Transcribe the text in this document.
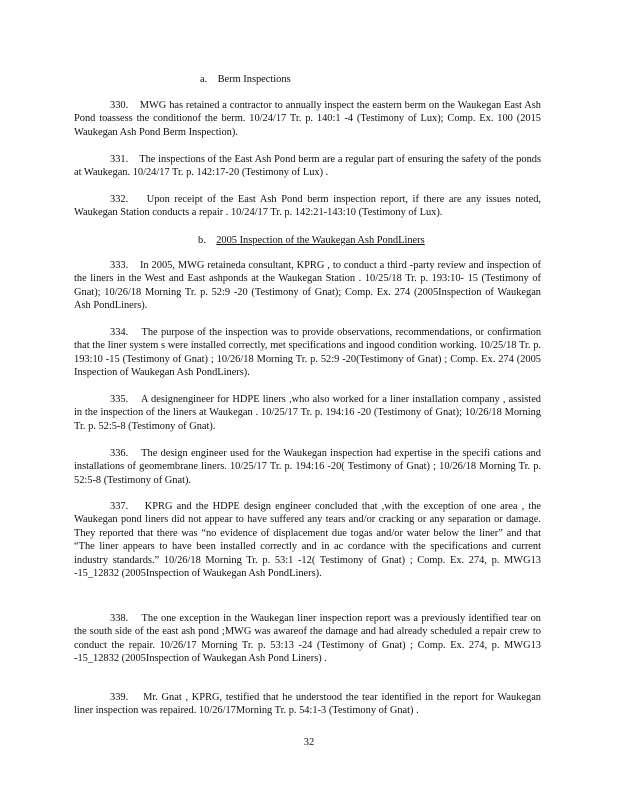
a. Berm Inspections

330. MWG has retained a contractor to annually inspect the eastern berm on the Waukegan East Ash Pond toassess the conditionof the berm. 10/24/17 Tr. p. 140:1 -4 (Testimony of Lux); Comp. Ex. 100 (2015 Waukegan Ash Pond Berm Inspection).

331. The inspections of the East Ash Pond berm are a regular part of ensuring the safety of the ponds at Waukegan. 10/24/17 Tr. p. 142:17-20 (Testimony of Lux) .

332. Upon receipt of the East Ash Pond berm inspection report, if there are any issues noted, Waukegan Station conducts a repair . 10/24/17 Tr. p. 142:21-143:10 (Testimony of Lux).

b. 2005 Inspection of the Waukegan Ash PondLiners

333. In 2005, MWG retaineda consultant, KPRG , to conduct a third -party review and inspection of the liners in the West and East ashponds at the Waukegan Station . 10/25/18 Tr. p. 193:10- 15 (Testimony of Gnat); 10/26/18 Morning Tr. p. 52:9 -20 (Testimony of Gnat); Comp. Ex. 274 (2005Inspection of Waukegan Ash PondLiners).

334. The purpose of the inspection was to provide observations, recommendations, or confirmation that the liner system s were installed correctly, met specifications and ingood condition working. 10/25/18 Tr. p. 193:10 -15 (Testimony of Gnat) ; 10/26/18 Morning Tr. p. 52:9 -20(Testimony of Gnat) ; Comp. Ex. 274 (2005 Inspection of Waukegan Ash PondLiners).

335. A designengineer for HDPE liners ,who also worked for a liner installation company , assisted in the inspection of the liners at Waukegan . 10/25/17 Tr. p. 194:16 -20 (Testimony of Gnat); 10/26/18 Morning Tr. p. 52:5-8 (Testimony of Gnat).

336. The design engineer used for the Waukegan inspection had expertise in the specifi cations and installations of geomembrane liners. 10/25/17 Tr. p. 194:16 -20( Testimony of Gnat) ; 10/26/18 Morning Tr. p. 52:5-8 (Testimony of Gnat).

337. KPRG and the HDPE design engineer concluded that ,with the exception of one area , the Waukegan pond liners did not appear to have suffered any tears and/or cracking or any separation or damage. They reported that there was “no evidence of displacement due togas and/or water below the liner” and that “The liner appears to have been installed correctly and in ac cordance with the specifications and current industry standards.” 10/26/18 Morning Tr. p. 53:1 -12( Testimony of Gnat) ; Comp. Ex. 274, p. MWG13 -15_12832 (2005Inspection of Waukegan Ash PondLiners).

338. The one exception in the Waukegan liner inspection report was a previously identified tear on the south side of the east ash pond ;MWG was awareof the damage and had already scheduled a repair crew to conduct the repair. 10/26/17 Morning Tr. p. 53:13 -24 (Testimony of Gnat) ; Comp. Ex. 274, p. MWG13 -15_12832 (2005Inspection of Waukegan Ash Pond Liners) .

339. Mr. Gnat , KPRG, testified that he understood the tear identified in the report for Waukegan liner inspection was repaired. 10/26/17Morning Tr. p. 54:1-3 (Testimony of Gnat) .

32
